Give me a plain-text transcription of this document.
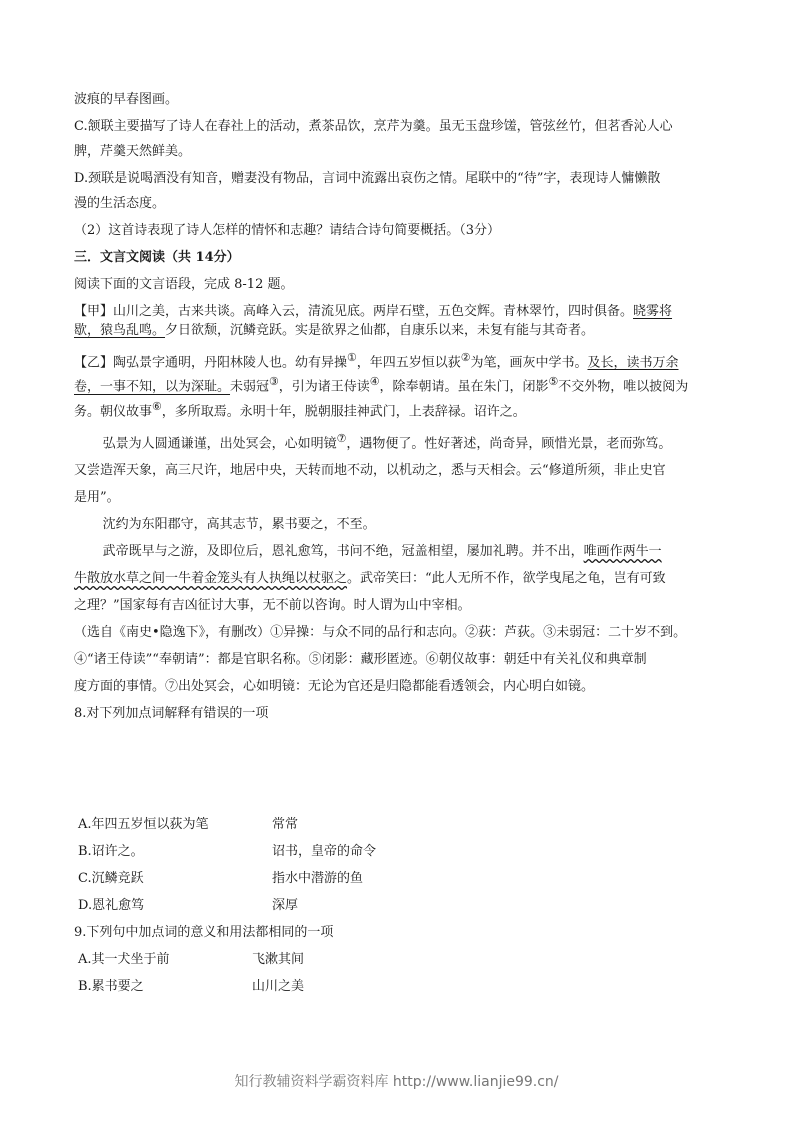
波痕的早春图画。

C.颔联主要描写了诗人在春社上的活动，煮茶品饮，烹芹为羹。虽无玉盘珍馐，管弦丝竹，但茗香沁人心

脾，芹羹天然鲜美。

D.颈联是说喝酒没有知音，赠妻没有物品，言词中流露出哀伤之情。尾联中的“待”字，表现诗人慵懒散

漫的生活态度。

（2）这首诗表现了诗人怎样的情怀和志趣？请结合诗句简要概括。（3分）

三．文言文阅读（共 14分）

阅读下面的文言语段，完成 8-12 题。

【甲】山川之美，古来共谈。高峰入云，清流见底。两岸石壁，五色交辉。青林翠竹，四时俱备。晓雾将
歇，猿鸟乱鸣。夕日欲颓，沉鳞竞跃。实是欲界之仙都，自康乐以来，未复有能与其奇者。

【乙】陶弘景字通明，丹阳林陵人也。幼有异操①，年四五岁恒以荻②为笔，画灰中学书。及长，读书万余
卷，一事不知，以为深耻。未弱冠③，引为诸王侍读④，除奉朝请。虽在朱门，闭影⑤不交外物，唯以披阅为
务。朝仪故事⑥，多所取焉。永明十年，脱朝服挂神武门，上表辞禄。诏许之。

弘景为人圆通谦谨，出处冥会，心如明镜⑦，遇物便了。性好著述，尚奇异，顾惜光景，老而弥笃。

又尝造浑天象，高三尺许，地居中央，天转而地不动，以机动之，悉与天相会。云“修道所须，非止史官

是用”。

沈约为东阳郡守，高其志节，累书要之，不至。

武帝既早与之游，及即位后，恩礼愈笃，书问不绝，冠盖相望，屡加礼聘。并不出，唯画作两牛一

牛散放水草之间一牛着金笼头有人执绳以杖驱之。武帝笑曰：“此人无所不作，欲学曳尾之龟，岂有可致

之理？”国家每有吉凶征讨大事，无不前以咨询。时人谓为山中宰相。

（选自《南史•隐逸下》，有删改）①异操：与众不同的品行和志向。②荻：芦荻。③未弱冠：二十岁不到。

④“诸王侍读”“奉朝请”：都是官职名称。⑤闭影：藏形匿迹。⑥朝仪故事：朝廷中有关礼仪和典章制

度方面的事情。⑦出处冥会，心如明镜：无论为官还是归隐都能看透领会，内心明白如镜。

8.对下列加点词解释有错误的一项

A.年四五岁恒以荻为笔	常常
B.诏许之。	诏书，皇帝的命令
C.沉鳞竞跃	指水中潜游的鱼
D.恩礼愈笃	深厚

9.下列句中加点词的意义和用法都相同的一项

A.其一犬坐于前	飞漱其间
B.累书要之	山川之美
知行教辅资料学霸资料库 http://www.lianjie99.cn/
